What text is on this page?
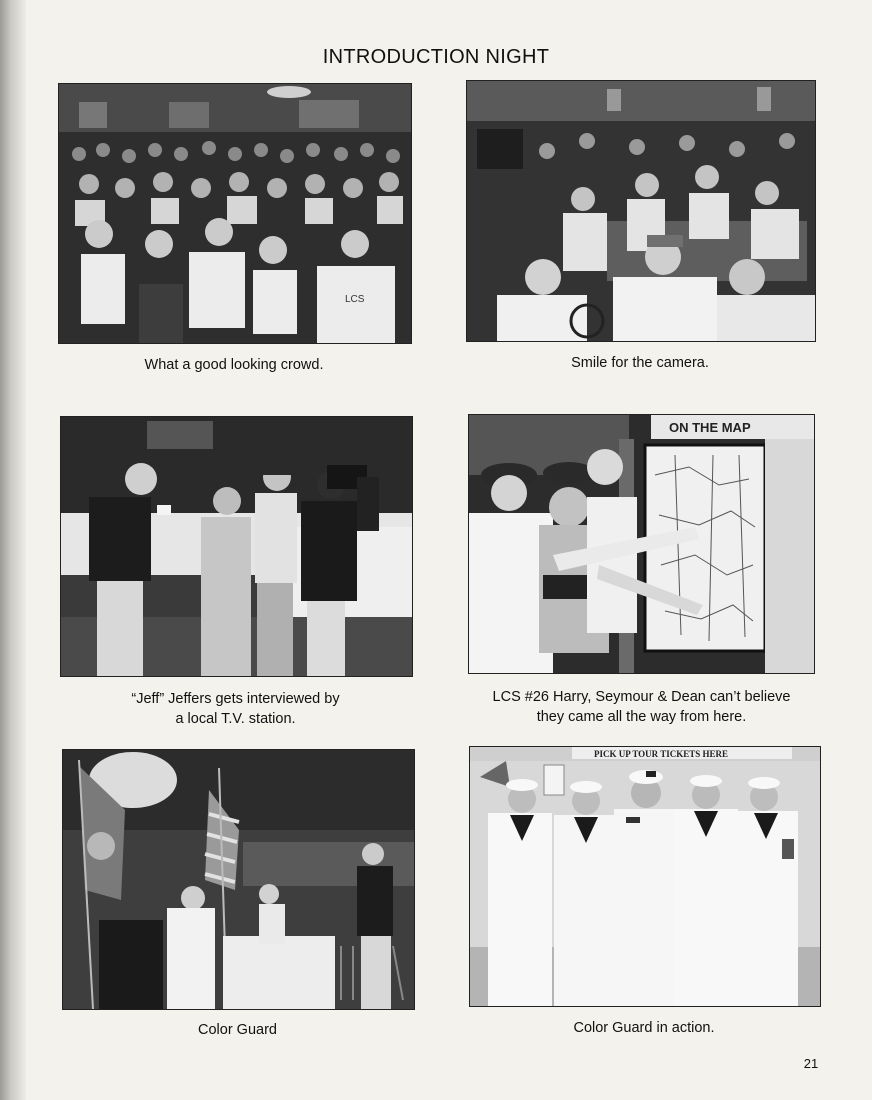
INTRODUCTION NIGHT
LCS
What a good looking crowd.	Smile for the camera.
“Jeff” Jeffers gets interviewed by
a local T.V. station.
ON THE MAP
LCS #26 Harry, Seymour & Dean can’t believe
they came all the way from here.
Color Guard
PICK UP TOUR TICKETS HERE
Color Guard in action.
21
